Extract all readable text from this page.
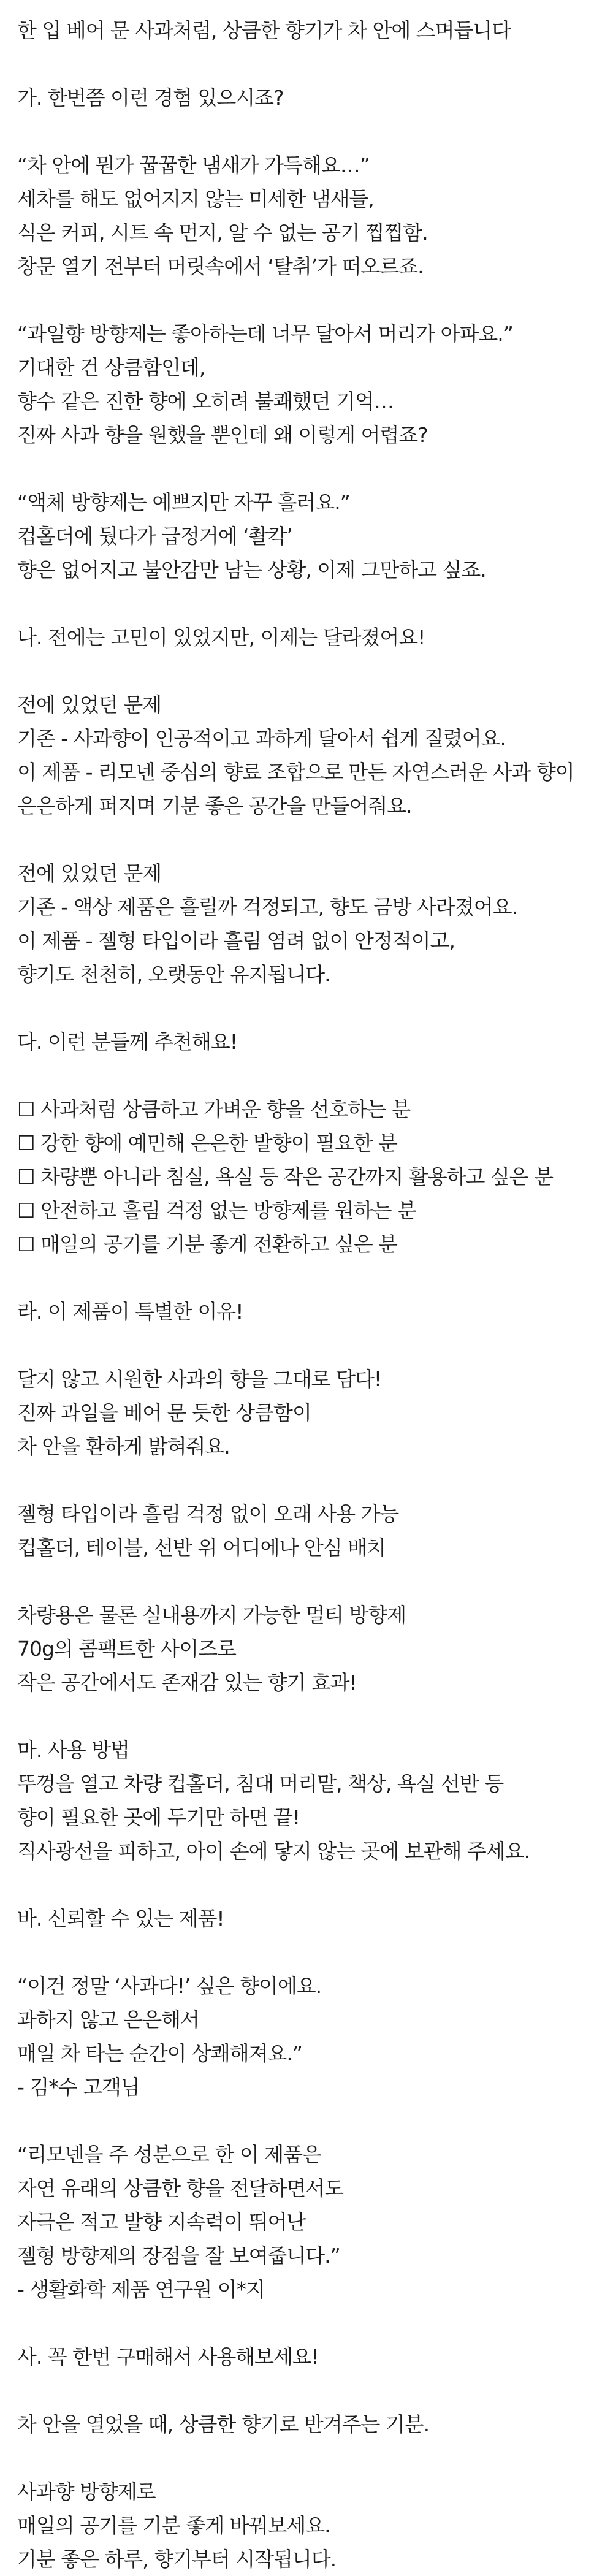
한 입 베어 문 사과처럼, 상큼한 향기가 차 안에 스며듭니다
가. 한번쯤 이런 경험 있으시죠?
“차 안에 뭔가 꿉꿉한 냄새가 가득해요…”
세차를 해도 없어지지 않는 미세한 냄새들,
식은 커피, 시트 속 먼지, 알 수 없는 공기 찝찝함.
창문 열기 전부터 머릿속에서 ‘탈취’가 떠오르죠.
“과일향 방향제는 좋아하는데 너무 달아서 머리가 아파요.”
기대한 건 상큼함인데,
향수 같은 진한 향에 오히려 불쾌했던 기억…
진짜 사과 향을 원했을 뿐인데 왜 이렇게 어렵죠?
“액체 방향제는 예쁘지만 자꾸 흘러요.”
컵홀더에 뒀다가 급정거에 ‘촬칵’
향은 없어지고 불안감만 남는 상황, 이제 그만하고 싶죠.
나. 전에는 고민이 있었지만, 이제는 달라졌어요!
전에 있었던 문제
기존 - 사과향이 인공적이고 과하게 달아서 쉽게 질렸어요.
이 제품 - 리모넨 중심의 향료 조합으로 만든 자연스러운 사과 향이
은은하게 퍼지며 기분 좋은 공간을 만들어줘요.
전에 있었던 문제
기존 - 액상 제품은 흘릴까 걱정되고, 향도 금방 사라졌어요.
이 제품 - 젤형 타입이라 흘림 염려 없이 안정적이고,
향기도 천천히, 오랫동안 유지됩니다.
다. 이런 분들께 추천해요!
☐ 사과처럼 상큼하고 가벼운 향을 선호하는 분
☐ 강한 향에 예민해 은은한 발향이 필요한 분
☐ 차량뿐 아니라 침실, 욕실 등 작은 공간까지 활용하고 싶은 분
☐ 안전하고 흘림 걱정 없는 방향제를 원하는 분
☐ 매일의 공기를 기분 좋게 전환하고 싶은 분
라. 이 제품이 특별한 이유!
달지 않고 시원한 사과의 향을 그대로 담다!
진짜 과일을 베어 문 듯한 상큼함이
차 안을 환하게 밝혀줘요.
젤형 타입이라 흘림 걱정 없이 오래 사용 가능
컵홀더, 테이블, 선반 위 어디에나 안심 배치
차량용은 물론 실내용까지 가능한 멀티 방향제
70g의 콤팩트한 사이즈로
작은 공간에서도 존재감 있는 향기 효과!
마. 사용 방법
뚜껑을 열고 차량 컵홀더, 침대 머리맡, 책상, 욕실 선반 등
향이 필요한 곳에 두기만 하면 끝!
직사광선을 피하고, 아이 손에 닿지 않는 곳에 보관해 주세요.
바. 신뢰할 수 있는 제품!
“이건 정말 ‘사과다!’ 싶은 향이에요.
과하지 않고 은은해서
매일 차 타는 순간이 상쾌해져요.”
- 김*수 고객님
“리모넨을 주 성분으로 한 이 제품은
자연 유래의 상큼한 향을 전달하면서도
자극은 적고 발향 지속력이 뛰어난
젤형 방향제의 장점을 잘 보여줍니다.”
- 생활화학 제품 연구원 이*지
사. 꼭 한번 구매해서 사용해보세요!
차 안을 열었을 때, 상큼한 향기로 반겨주는 기분.
사과향 방향제로
매일의 공기를 기분 좋게 바꿔보세요.
기분 좋은 하루, 향기부터 시작됩니다.
